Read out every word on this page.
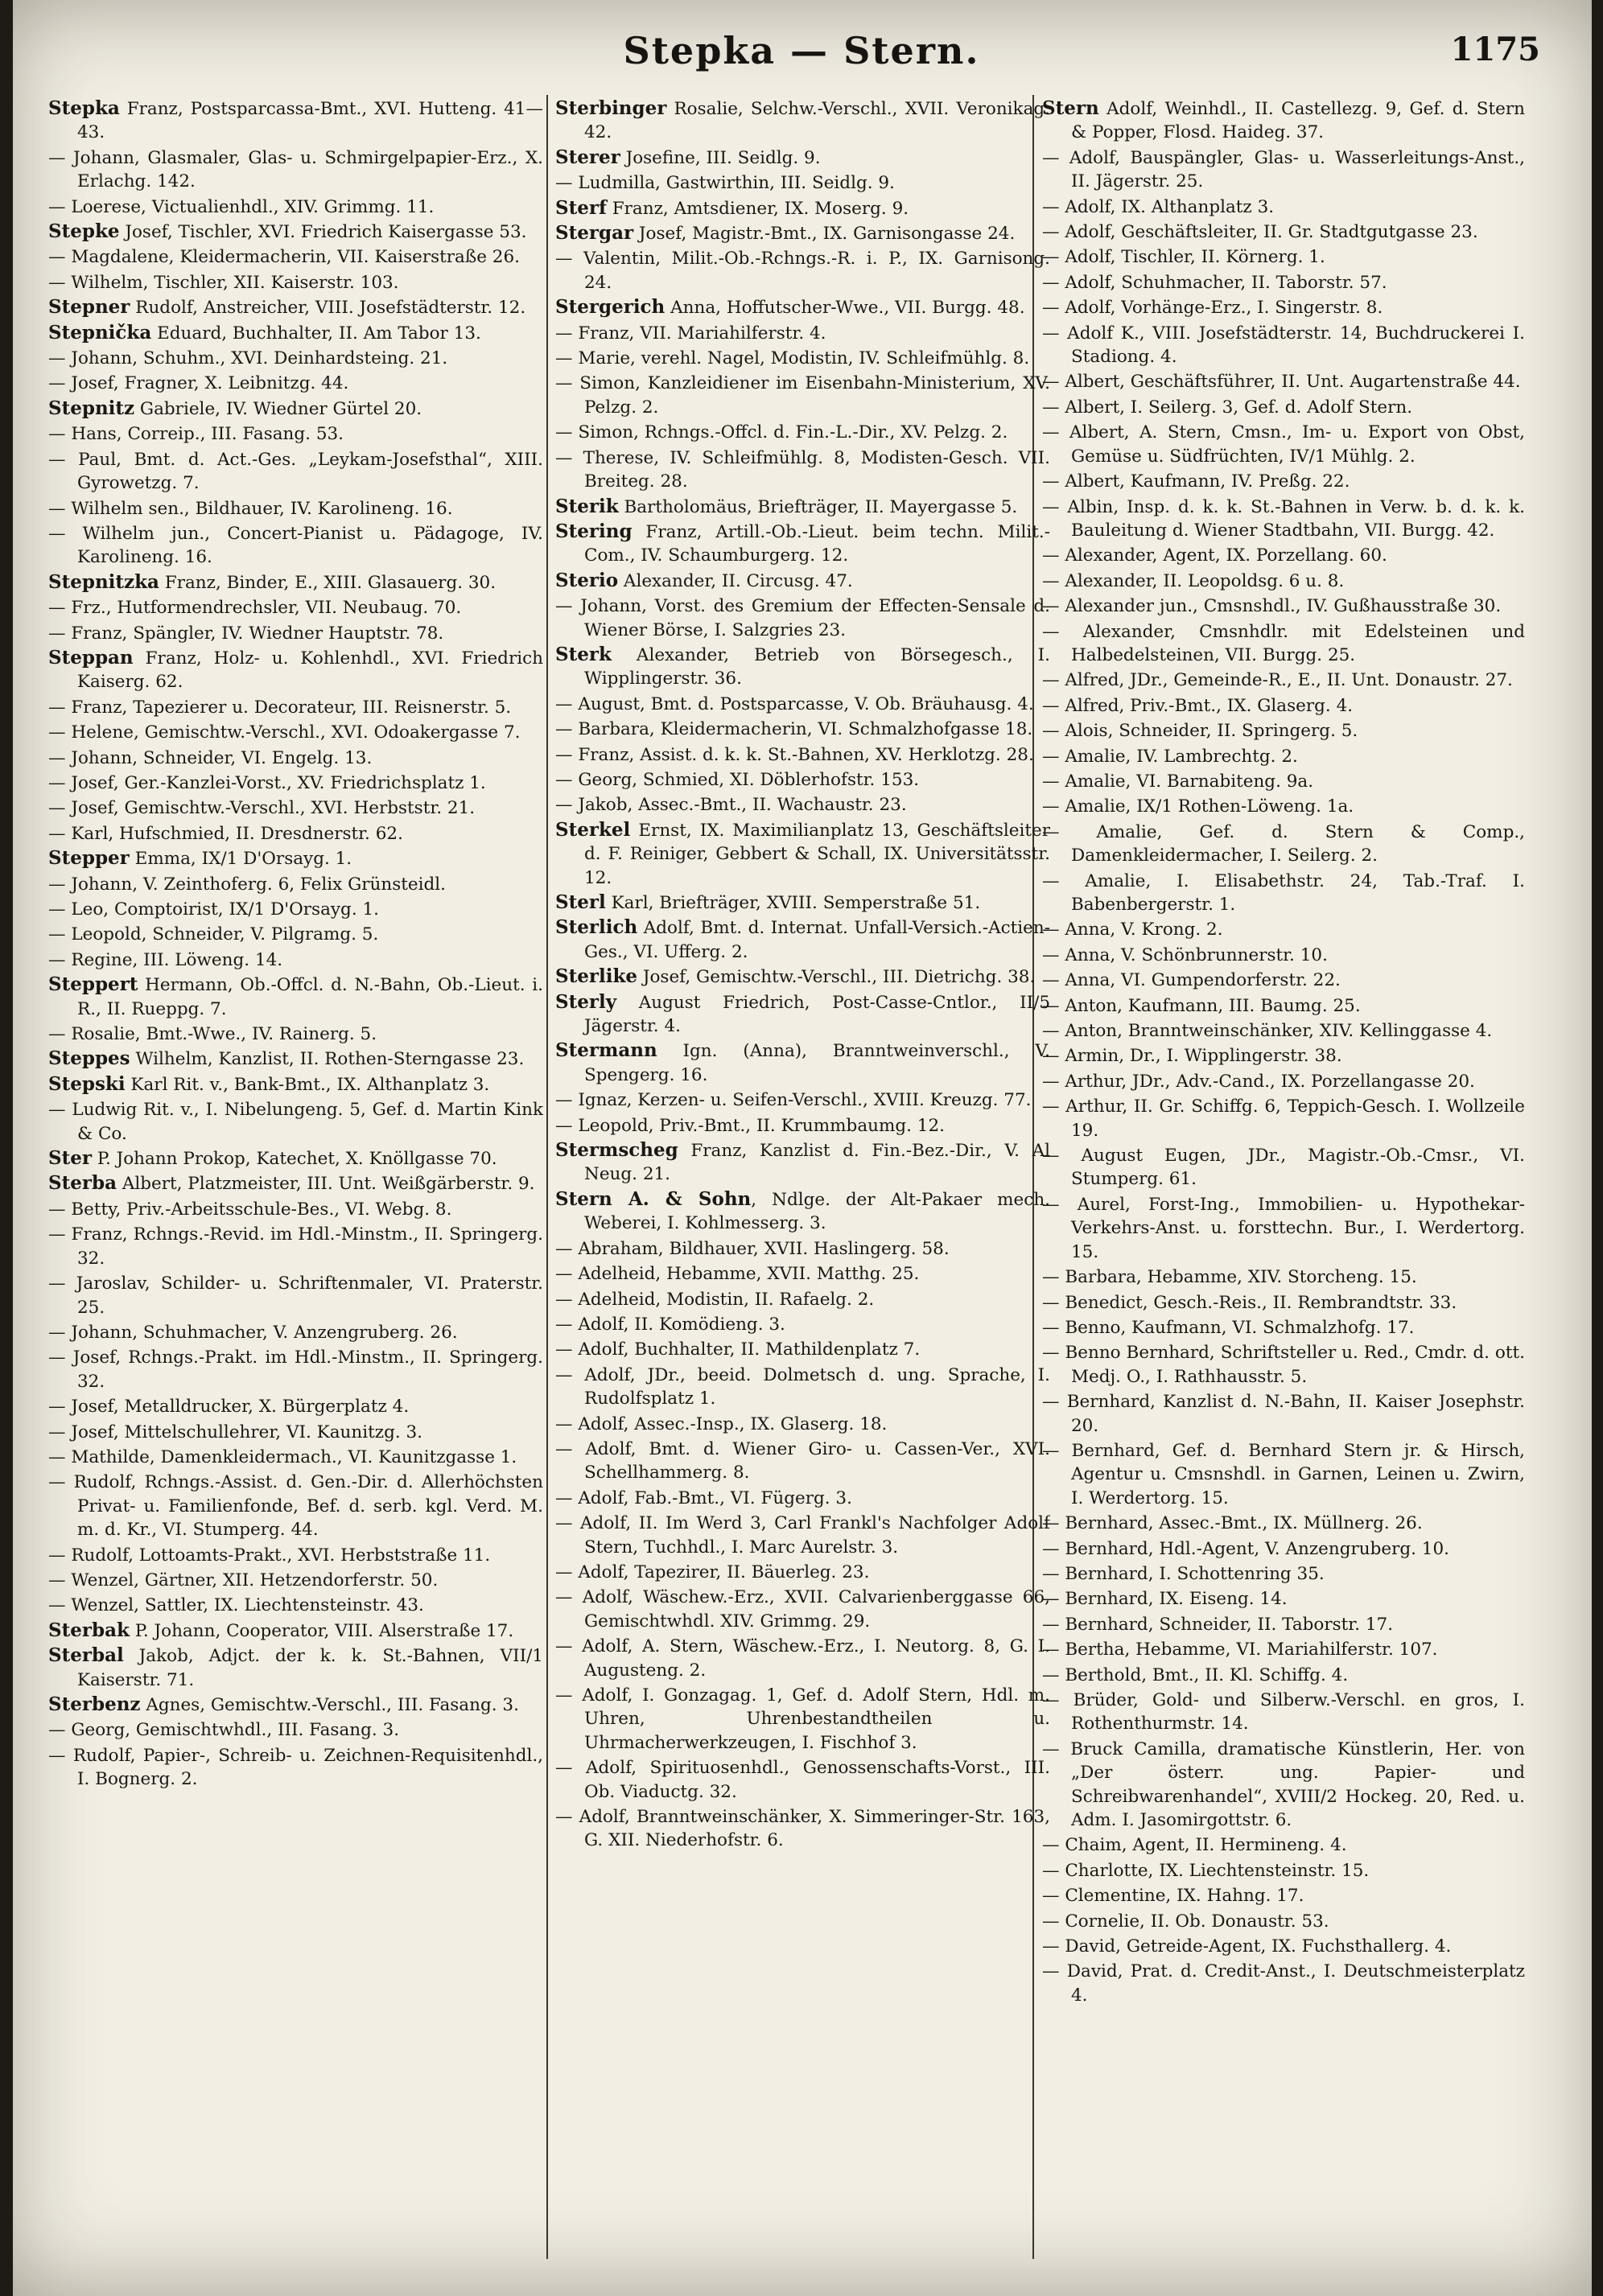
Stepka — Stern.	1175
Stepka Franz, Postsparcassa-Bmt., XVI. Hutteng. 41—43.
— Johann, Glasmaler, Glas- u. Schmirgelpapier-Erz., X. Erlachg. 142.
— Loerese, Victualienhdl., XIV. Grimmg. 11.
Stepke Josef, Tischler, XVI. Friedrich Kaisergasse 53.
— Magdalene, Kleidermacherin, VII. Kaiserstraße 26.
— Wilhelm, Tischler, XII. Kaiserstr. 103.
Stepner Rudolf, Anstreicher, VIII. Josefstädterstr. 12.
Stepnička Eduard, Buchhalter, II. Am Tabor 13.
— Johann, Schuhm., XVI. Deinhardsteing. 21.
— Josef, Fragner, X. Leibnitzg. 44.
Stepnitz Gabriele, IV. Wiedner Gürtel 20.
— Hans, Correip., III. Fasang. 53.
— Paul, Bmt. d. Act.-Ges. „Leykam-Josefsthal“, XIII. Gyrowetzg. 7.
— Wilhelm sen., Bildhauer, IV. Karolineng. 16.
— Wilhelm jun., Concert-Pianist u. Pädagoge, IV. Karolineng. 16.
Stepnitzka Franz, Binder, E., XIII. Glasauerg. 30.
— Frz., Hutformendrechsler, VII. Neubaug. 70.
— Franz, Spängler, IV. Wiedner Hauptstr. 78.
Steppan Franz, Holz- u. Kohlenhdl., XVI. Friedrich Kaiserg. 62.
— Franz, Tapezierer u. Decorateur, III. Reisnerstr. 5.
— Helene, Gemischtw.-Verschl., XVI. Odoakergasse 7.
— Johann, Schneider, VI. Engelg. 13.
— Josef, Ger.-Kanzlei-Vorst., XV. Friedrichsplatz 1.
— Josef, Gemischtw.-Verschl., XVI. Herbststr. 21.
— Karl, Hufschmied, II. Dresdnerstr. 62.
Stepper Emma, IX/1 D'Orsayg. 1.
— Johann, V. Zeinthoferg. 6, Felix Grünsteidl.
— Leo, Comptoirist, IX/1 D'Orsayg. 1.
— Leopold, Schneider, V. Pilgramg. 5.
— Regine, III. Löweng. 14.
Steppert Hermann, Ob.-Offcl. d. N.-Bahn, Ob.-Lieut. i. R., II. Rueppg. 7.
— Rosalie, Bmt.-Wwe., IV. Rainerg. 5.
Steppes Wilhelm, Kanzlist, II. Rothen-Sterngasse 23.
Stepski Karl Rit. v., Bank-Bmt., IX. Althanplatz 3.
— Ludwig Rit. v., I. Nibelungeng. 5, Gef. d. Martin Kink & Co.
Ster P. Johann Prokop, Katechet, X. Knöllgasse 70.
Sterba Albert, Platzmeister, III. Unt. Weißgärberstr. 9.
— Betty, Priv.-Arbeitsschule-Bes., VI. Webg. 8.
— Franz, Rchngs.-Revid. im Hdl.-Minstm., II. Springerg. 32.
— Jaroslav, Schilder- u. Schriftenmaler, VI. Praterstr. 25.
— Johann, Schuhmacher, V. Anzengruberg. 26.
— Josef, Rchngs.-Prakt. im Hdl.-Minstm., II. Springerg. 32.
— Josef, Metalldrucker, X. Bürgerplatz 4.
— Josef, Mittelschullehrer, VI. Kaunitzg. 3.
— Mathilde, Damenkleidermach., VI. Kaunitzgasse 1.
— Rudolf, Rchngs.-Assist. d. Gen.-Dir. d. Allerhöchsten Privat- u. Familienfonde, Bef. d. serb. kgl. Verd. M. m. d. Kr., VI. Stumperg. 44.
— Rudolf, Lottoamts-Prakt., XVI. Herbststraße 11.
— Wenzel, Gärtner, XII. Hetzendorferstr. 50.
— Wenzel, Sattler, IX. Liechtensteinstr. 43.
Sterbak P. Johann, Cooperator, VIII. Alserstraße 17.
Sterbal Jakob, Adjct. der k. k. St.-Bahnen, VII/1 Kaiserstr. 71.
Sterbenz Agnes, Gemischtw.-Verschl., III. Fasang. 3.
— Georg, Gemischtwhdl., III. Fasang. 3.
— Rudolf, Papier-, Schreib- u. Zeichnen-Requisitenhdl., I. Bognerg. 2.
Sterbinger Rosalie, Selchw.-Verschl., XVII. Veronikag. 42.
Sterer Josefine, III. Seidlg. 9.
— Ludmilla, Gastwirthin, III. Seidlg. 9.
Sterf Franz, Amtsdiener, IX. Moserg. 9.
Stergar Josef, Magistr.-Bmt., IX. Garnisongasse 24.
— Valentin, Milit.-Ob.-Rchngs.-R. i. P., IX. Garnisong. 24.
Stergerich Anna, Hoffutscher-Wwe., VII. Burgg. 48.
— Franz, VII. Mariahilferstr. 4.
— Marie, verehl. Nagel, Modistin, IV. Schleifmühlg. 8.
— Simon, Kanzleidiener im Eisenbahn-Ministerium, XV. Pelzg. 2.
— Simon, Rchngs.-Offcl. d. Fin.-L.-Dir., XV. Pelzg. 2.
— Therese, IV. Schleifmühlg. 8, Modisten-Gesch. VII. Breiteg. 28.
Sterik Bartholomäus, Briefträger, II. Mayergasse 5.
Stering Franz, Artill.-Ob.-Lieut. beim techn. Milit.-Com., IV. Schaumburgerg. 12.
Sterio Alexander, II. Circusg. 47.
— Johann, Vorst. des Gremium der Effecten-Sensale d. Wiener Börse, I. Salzgries 23.
Sterk Alexander, Betrieb von Börsegesch., I. Wipplingerstr. 36.
— August, Bmt. d. Postsparcasse, V. Ob. Bräuhausg. 4.
— Barbara, Kleidermacherin, VI. Schmalzhofgasse 18.
— Franz, Assist. d. k. k. St.-Bahnen, XV. Herklotzg. 28.
— Georg, Schmied, XI. Döblerhofstr. 153.
— Jakob, Assec.-Bmt., II. Wachaustr. 23.
Sterkel Ernst, IX. Maximilianplatz 13, Geschäftsleiter d. F. Reiniger, Gebbert & Schall, IX. Universitätsstr. 12.
Sterl Karl, Briefträger, XVIII. Semperstraße 51.
Sterlich Adolf, Bmt. d. Internat. Unfall-Versich.-Actien-Ges., VI. Ufferg. 2.
Sterlike Josef, Gemischtw.-Verschl., III. Dietrichg. 38.
Sterly August Friedrich, Post-Casse-Cntlor., II/5 Jägerstr. 4.
Stermann Ign. (Anna), Branntweinverschl., V. Spengerg. 16.
— Ignaz, Kerzen- u. Seifen-Verschl., XVIII. Kreuzg. 77.
— Leopold, Priv.-Bmt., II. Krummbaumg. 12.
Stermscheg Franz, Kanzlist d. Fin.-Bez.-Dir., V. Al Neug. 21.
Stern A. & Sohn, Ndlge. der Alt-Pakaer mech. Weberei, I. Kohlmesserg. 3.
— Abraham, Bildhauer, XVII. Haslingerg. 58.
— Adelheid, Hebamme, XVII. Matthg. 25.
— Adelheid, Modistin, II. Rafaelg. 2.
— Adolf, II. Komödieng. 3.
— Adolf, Buchhalter, II. Mathildenplatz 7.
— Adolf, JDr., beeid. Dolmetsch d. ung. Sprache, I. Rudolfsplatz 1.
— Adolf, Assec.-Insp., IX. Glaserg. 18.
— Adolf, Bmt. d. Wiener Giro- u. Cassen-Ver., XVI. Schellhammerg. 8.
— Adolf, Fab.-Bmt., VI. Fügerg. 3.
— Adolf, II. Im Werd 3, Carl Frankl's Nachfolger Adolf Stern, Tuchhdl., I. Marc Aurelstr. 3.
— Adolf, Tapezirer, II. Bäuerleg. 23.
— Adolf, Wäschew.-Erz., XVII. Calvarienberggasse 66, Gemischtwhdl. XIV. Grimmg. 29.
— Adolf, A. Stern, Wäschew.-Erz., I. Neutorg. 8, G. I. Augusteng. 2.
— Adolf, I. Gonzagag. 1, Gef. d. Adolf Stern, Hdl. m. Uhren, Uhrenbestandtheilen u. Uhrmacherwerkzeugen, I. Fischhof 3.
— Adolf, Spirituosenhdl., Genossenschafts-Vorst., III. Ob. Viaductg. 32.
— Adolf, Branntweinschänker, X. Simmeringer-Str. 163, G. XII. Niederhofstr. 6.
Stern Adolf, Weinhdl., II. Castellezg. 9, Gef. d. Stern & Popper, Flosd. Haideg. 37.
— Adolf, Bauspängler, Glas- u. Wasserleitungs-Anst., II. Jägerstr. 25.
— Adolf, IX. Althanplatz 3.
— Adolf, Geschäftsleiter, II. Gr. Stadtgutgasse 23.
— Adolf, Tischler, II. Körnerg. 1.
— Adolf, Schuhmacher, II. Taborstr. 57.
— Adolf, Vorhänge-Erz., I. Singerstr. 8.
— Adolf K., VIII. Josefstädterstr. 14, Buchdruckerei I. Stadiong. 4.
— Albert, Geschäftsführer, II. Unt. Augartenstraße 44.
— Albert, I. Seilerg. 3, Gef. d. Adolf Stern.
— Albert, A. Stern, Cmsn., Im- u. Export von Obst, Gemüse u. Südfrüchten, IV/1 Mühlg. 2.
— Albert, Kaufmann, IV. Preßg. 22.
— Albin, Insp. d. k. k. St.-Bahnen in Verw. b. d. k. k. Bauleitung d. Wiener Stadtbahn, VII. Burgg. 42.
— Alexander, Agent, IX. Porzellang. 60.
— Alexander, II. Leopoldsg. 6 u. 8.
— Alexander jun., Cmsnshdl., IV. Gußhausstraße 30.
— Alexander, Cmsnhdlr. mit Edelsteinen und Halbedelsteinen, VII. Burgg. 25.
— Alfred, JDr., Gemeinde-R., E., II. Unt. Donaustr. 27.
— Alfred, Priv.-Bmt., IX. Glaserg. 4.
— Alois, Schneider, II. Springerg. 5.
— Amalie, IV. Lambrechtg. 2.
— Amalie, VI. Barnabiteng. 9a.
— Amalie, IX/1 Rothen-Löweng. 1a.
— Amalie, Gef. d. Stern & Comp., Damenkleidermacher, I. Seilerg. 2.
— Amalie, I. Elisabethstr. 24, Tab.-Traf. I. Babenbergerstr. 1.
— Anna, V. Krong. 2.
— Anna, V. Schönbrunnerstr. 10.
— Anna, VI. Gumpendorferstr. 22.
— Anton, Kaufmann, III. Baumg. 25.
— Anton, Branntweinschänker, XIV. Kellinggasse 4.
— Armin, Dr., I. Wipplingerstr. 38.
— Arthur, JDr., Adv.-Cand., IX. Porzellangasse 20.
— Arthur, II. Gr. Schiffg. 6, Teppich-Gesch. I. Wollzeile 19.
— August Eugen, JDr., Magistr.-Ob.-Cmsr., VI. Stumperg. 61.
— Aurel, Forst-Ing., Immobilien- u. Hypothekar-Verkehrs-Anst. u. forsttechn. Bur., I. Werdertorg. 15.
— Barbara, Hebamme, XIV. Storcheng. 15.
— Benedict, Gesch.-Reis., II. Rembrandtstr. 33.
— Benno, Kaufmann, VI. Schmalzhofg. 17.
— Benno Bernhard, Schriftsteller u. Red., Cmdr. d. ott. Medj. O., I. Rathhausstr. 5.
— Bernhard, Kanzlist d. N.-Bahn, II. Kaiser Josephstr. 20.
— Bernhard, Gef. d. Bernhard Stern jr. & Hirsch, Agentur u. Cmsnshdl. in Garnen, Leinen u. Zwirn, I. Werdertorg. 15.
— Bernhard, Assec.-Bmt., IX. Müllnerg. 26.
— Bernhard, Hdl.-Agent, V. Anzengruberg. 10.
— Bernhard, I. Schottenring 35.
— Bernhard, IX. Eiseng. 14.
— Bernhard, Schneider, II. Taborstr. 17.
— Bertha, Hebamme, VI. Mariahilferstr. 107.
— Berthold, Bmt., II. Kl. Schiffg. 4.
— Brüder, Gold- und Silberw.-Verschl. en gros, I. Rothenthurmstr. 14.
— Bruck Camilla, dramatische Künstlerin, Her. von „Der österr. ung. Papier- und Schreibwarenhandel“, XVIII/2 Hockeg. 20, Red. u. Adm. I. Jasomirgottstr. 6.
— Chaim, Agent, II. Hermineng. 4.
— Charlotte, IX. Liechtensteinstr. 15.
— Clementine, IX. Hahng. 17.
— Cornelie, II. Ob. Donaustr. 53.
— David, Getreide-Agent, IX. Fuchsthallerg. 4.
— David, Prat. d. Credit-Anst., I. Deutschmeisterplatz 4.
